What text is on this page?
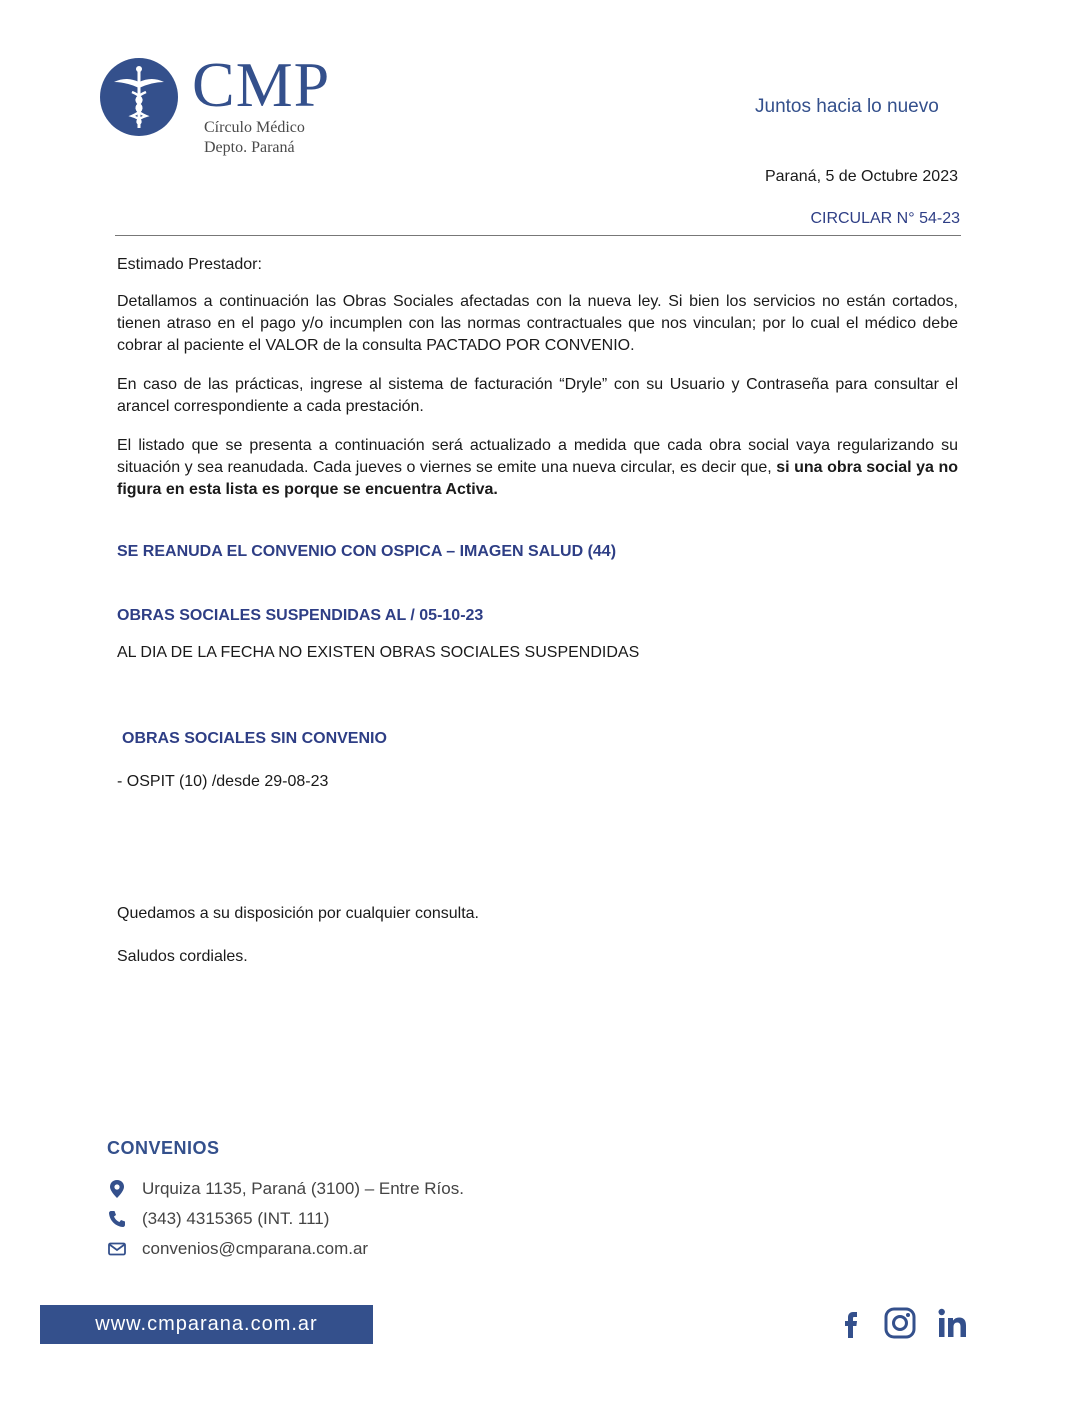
CMP
Círculo Médico
Depto. Paraná
Juntos hacia lo nuevo
Paraná, 5 de Octubre 2023
CIRCULAR N° 54-23
Estimado Prestador:
Detallamos a continuación las Obras Sociales afectadas con la nueva ley. Si bien los servicios no están cortados, tienen atraso en el pago y/o incumplen con las normas contractuales que nos vinculan; por lo cual el médico debe cobrar al paciente el VALOR de la consulta PACTADO POR CONVENIO.
En caso de las prácticas, ingrese al sistema de facturación “Dryle” con su Usuario y Contraseña para consultar el arancel correspondiente a cada prestación.
El listado que se presenta a continuación será actualizado a medida que cada obra social vaya regularizando su situación y sea reanudada. Cada jueves o viernes se emite una nueva circular, es decir que, si una obra social ya no figura en esta lista es porque se encuentra Activa.
SE REANUDA EL CONVENIO CON OSPICA – IMAGEN SALUD (44)
OBRAS SOCIALES SUSPENDIDAS AL / 05-10-23
AL DIA DE LA FECHA NO EXISTEN OBRAS SOCIALES SUSPENDIDAS
OBRAS SOCIALES SIN CONVENIO
- OSPIT (10) /desde 29-08-23
Quedamos a su disposición por cualquier consulta.
Saludos cordiales.
CONVENIOS
Urquiza 1135, Paraná (3100) – Entre Ríos.
(343) 4315365 (INT. 111)
convenios@cmparana.com.ar
www.cmparana.com.ar
